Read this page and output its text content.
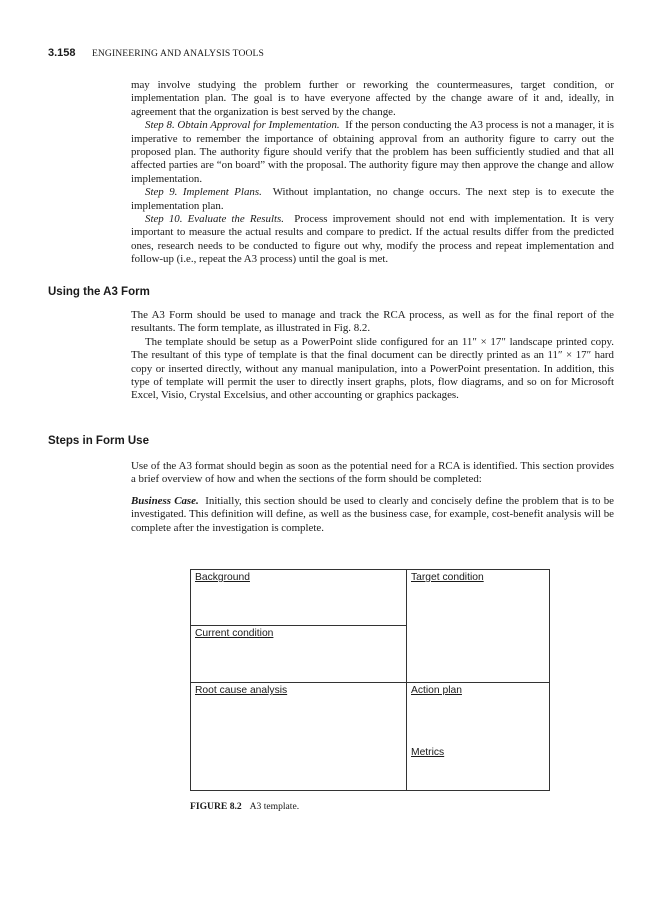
3.158 ENGINEERING AND ANALYSIS TOOLS

may involve studying the problem further or reworking the countermeasures, target condition, or implementation plan. The goal is to have everyone affected by the change aware of it and, ideally, in agreement that the organization is best served by the change.

Step 8. Obtain Approval for Implementation. If the person conducting the A3 process is not a manager, it is imperative to remember the importance of obtaining approval from an authority figure to carry out the proposed plan. The authority figure should verify that the problem has been sufficiently studied and that all affected parties are “on board” with the proposal. The authority figure may then approve the change and allow implementation.

Step 9. Implement Plans. Without implantation, no change occurs. The next step is to execute the implementation plan.

Step 10. Evaluate the Results. Process improvement should not end with implementation. It is very important to measure the actual results and compare to predict. If the actual results differ from the predicted ones, research needs to be conducted to figure out why, modify the process and repeat implementation and follow-up (i.e., repeat the A3 process) until the goal is met.

Using the A3 Form

The A3 Form should be used to manage and track the RCA process, as well as for the final report of the resultants. The form template, as illustrated in Fig. 8.2.

The template should be setup as a PowerPoint slide configured for an 11″ × 17″ landscape printed copy. The resultant of this type of template is that the final document can be directly printed as an 11″ × 17″ hard copy or inserted directly, without any manual manipulation, into a PowerPoint presentation. In addition, this type of template will permit the user to directly insert graphs, plots, flow diagrams, and so on for Microsoft Excel, Visio, Crystal Excelsius, and other accounting or graphics packages.

Steps in Form Use

Use of the A3 format should begin as soon as the potential need for a RCA is identified. This section provides a brief overview of how and when the sections of the form should be completed:

Business Case. Initially, this section should be used to clearly and concisely define the problem that is to be investigated. This definition will define, as well as the business case, for example, cost-benefit analysis will be complete after the investigation is complete.

Background	Target condition
Current condition
Root cause analysis	Action plan
Metrics
FIGURE 8.2 A3 template.
